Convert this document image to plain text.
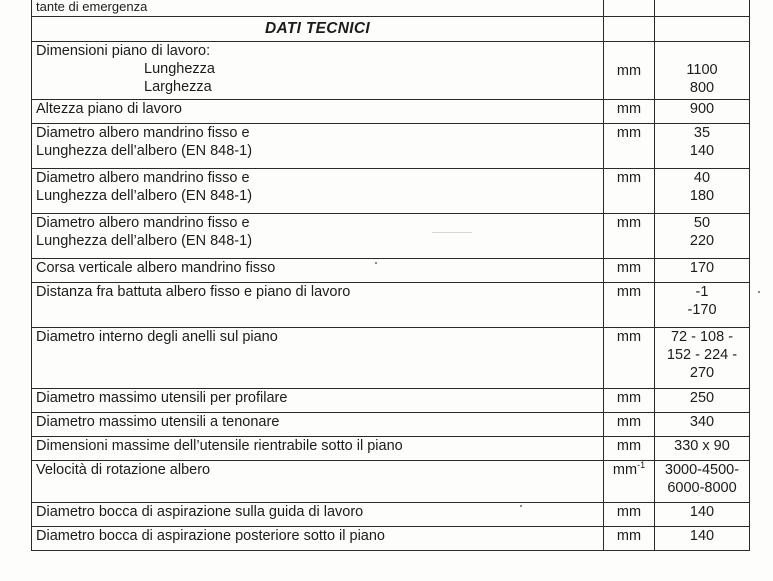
tante di emergenza		
DATI TECNICI		

Dimensioni piano di lavoro:
Lunghezza
Larghezza	mm	1100
800

Altezza piano di lavoro	mm	900

Diametro albero mandrino fisso e
Lunghezza dell’albero (EN 848-1)	mm	35
140

Diametro albero mandrino fisso e
Lunghezza dell’albero (EN 848-1)	mm	40
180

Diametro albero mandrino fisso e
Lunghezza dell’albero (EN 848-1)	mm	50
220

Corsa verticale albero mandrino fisso	mm	170
Distanza fra battuta albero fisso e piano di lavoro	mm	-1
-170

Diametro interno degli anelli sul piano	mm	72 - 108 -
152 - 224 -
270

Diametro massimo utensili per profilare	mm	250
Diametro massimo utensili a tenonare	mm	340
Dimensioni massime dell’utensile rientrabile sotto il piano	mm	330 x 90
Velocità di rotazione albero	$mm^{-1}$	3000-4500-
6000-8000

Diametro bocca di aspirazione sulla guida di lavoro	mm	140
Diametro bocca di aspirazione posteriore sotto il piano	mm	140
